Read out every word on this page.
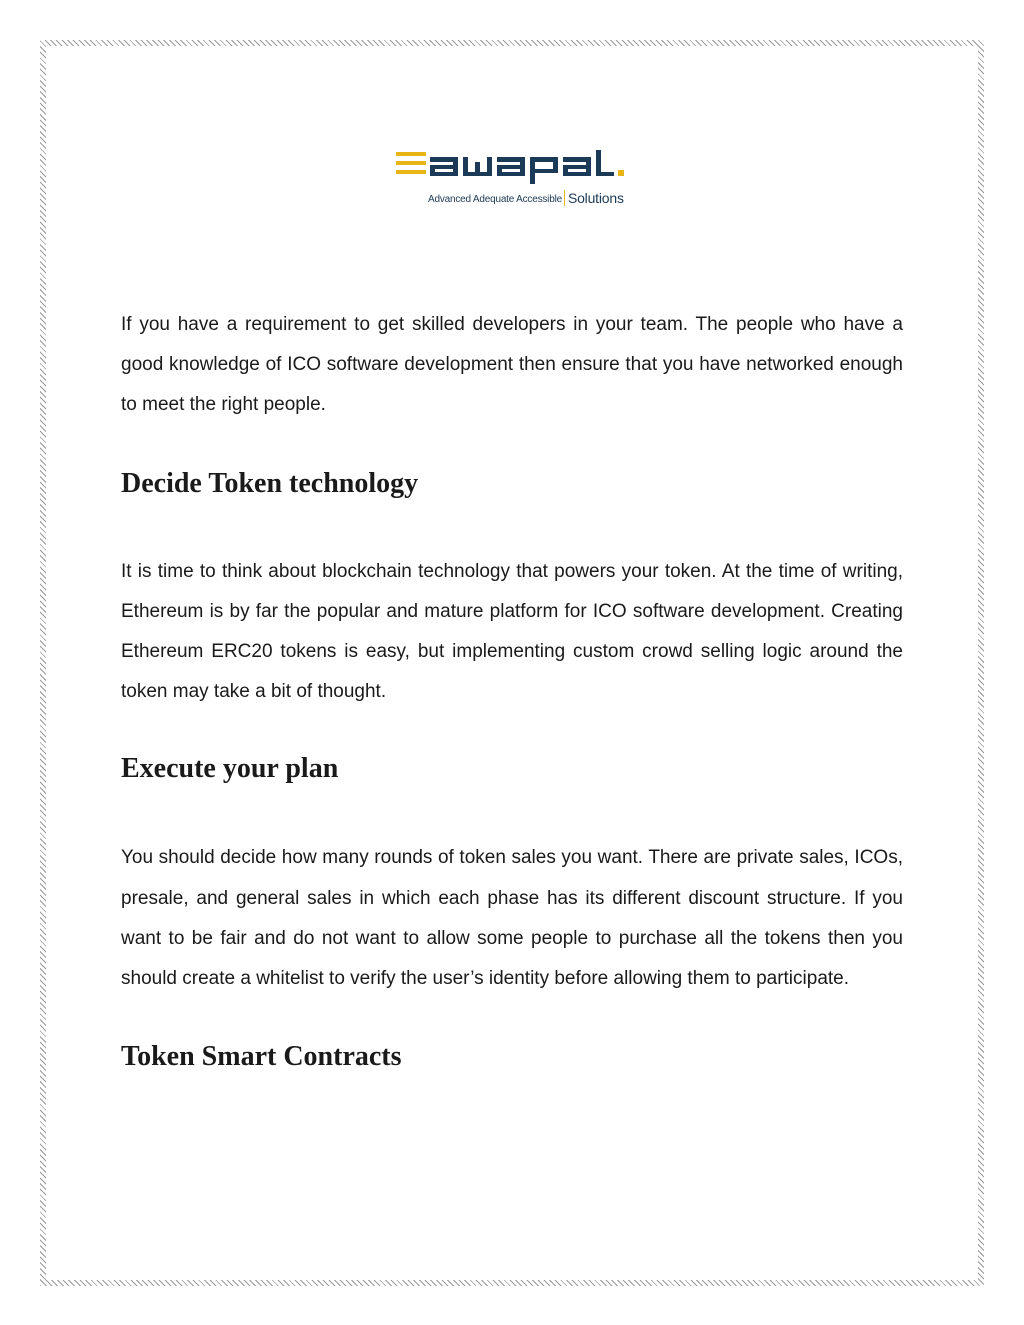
Advanced Adequate Accessible Solutions

If you have a requirement to get skilled developers in your team. The people who have a good knowledge of ICO software development then ensure that you have networked enough to meet the right people.

Decide Token technology

It is time to think about blockchain technology that powers your token. At the time of writing, Ethereum is by far the popular and mature platform for ICO software development. Creating Ethereum ERC20 tokens is easy, but implementing custom crowd selling logic around the token may take a bit of thought.

Execute your plan

You should decide how many rounds of token sales you want. There are private sales, ICOs, presale, and general sales in which each phase has its different discount structure. If you want to be fair and do not want to allow some people to purchase all the tokens then you should create a whitelist to verify the user’s identity before allowing them to participate.

Token Smart Contracts
